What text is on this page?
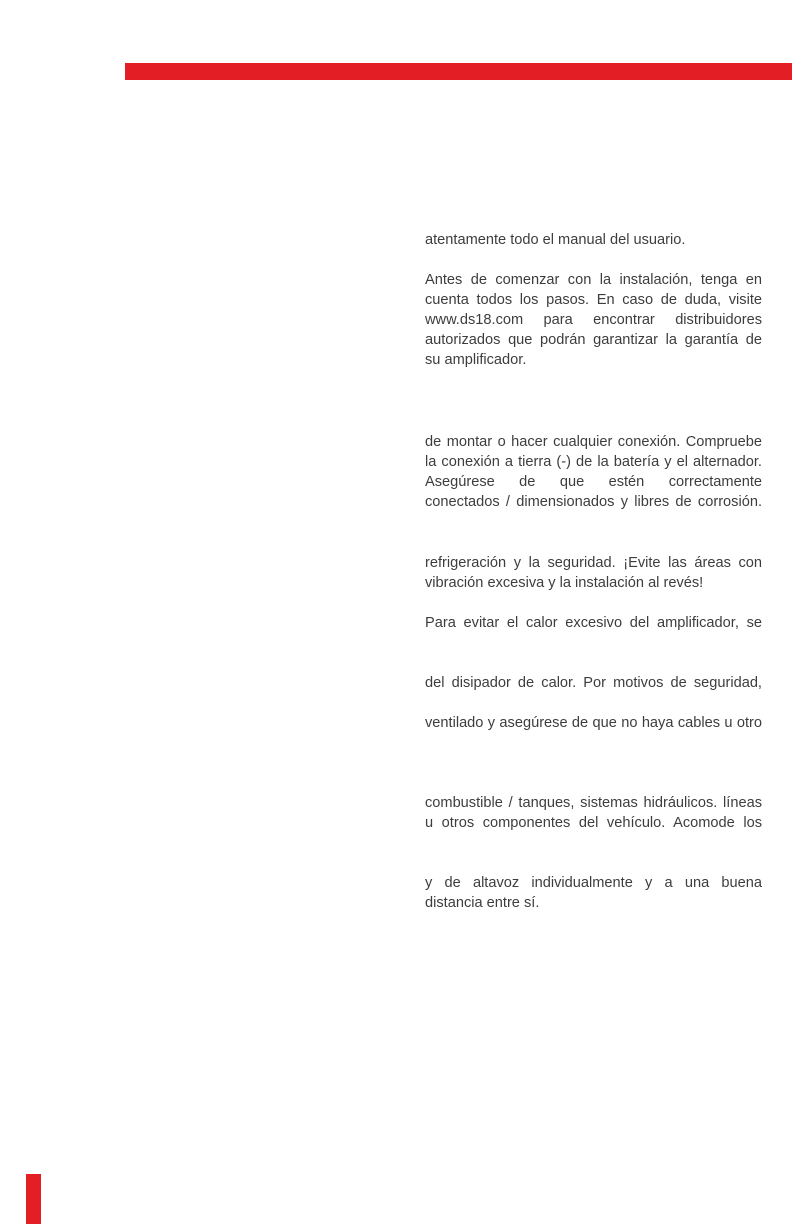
atentamente todo el manual del usuario.

Antes de comenzar con la instalación, tenga en

cuenta todos los pasos. En caso de duda, visite

www.ds18.com para encontrar distribuidores

autorizados que podrán garantizar la garantía de

su amplificador.

de montar o hacer cualquier conexión. Compruebe

la conexión a tierra (-) de la batería y el alternador.

Asegúrese de que estén correctamente

conectados / dimensionados y libres de corrosión.

refrigeración y la seguridad. ¡Evite las áreas con

vibración excesiva y la instalación al revés!

Para evitar el calor excesivo del amplificador, se

del disipador de calor. Por motivos de seguridad,

ventilado y asegúrese de que no haya cables u otro

combustible / tanques, sistemas hidráulicos. líneas

u otros componentes del vehículo. Acomode los

y de altavoz individualmente y a una buena

distancia entre sí.
